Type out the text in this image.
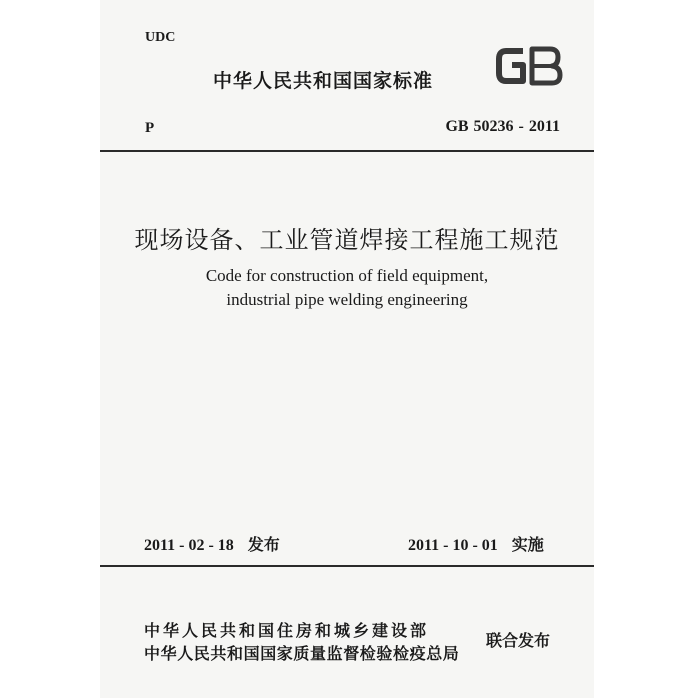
UDC
中华人民共和国国家标准
P	GB 50236 - 2011
现场设备、工业管道焊接工程施工规范
Code for construction of field equipment,
industrial pipe welding engineering
2011 - 02 - 18 发布	2011 - 10 - 01 实施
中华人民共和国住房和城乡建设部
中华人民共和国国家质量监督检验检疫总局
联合发布
